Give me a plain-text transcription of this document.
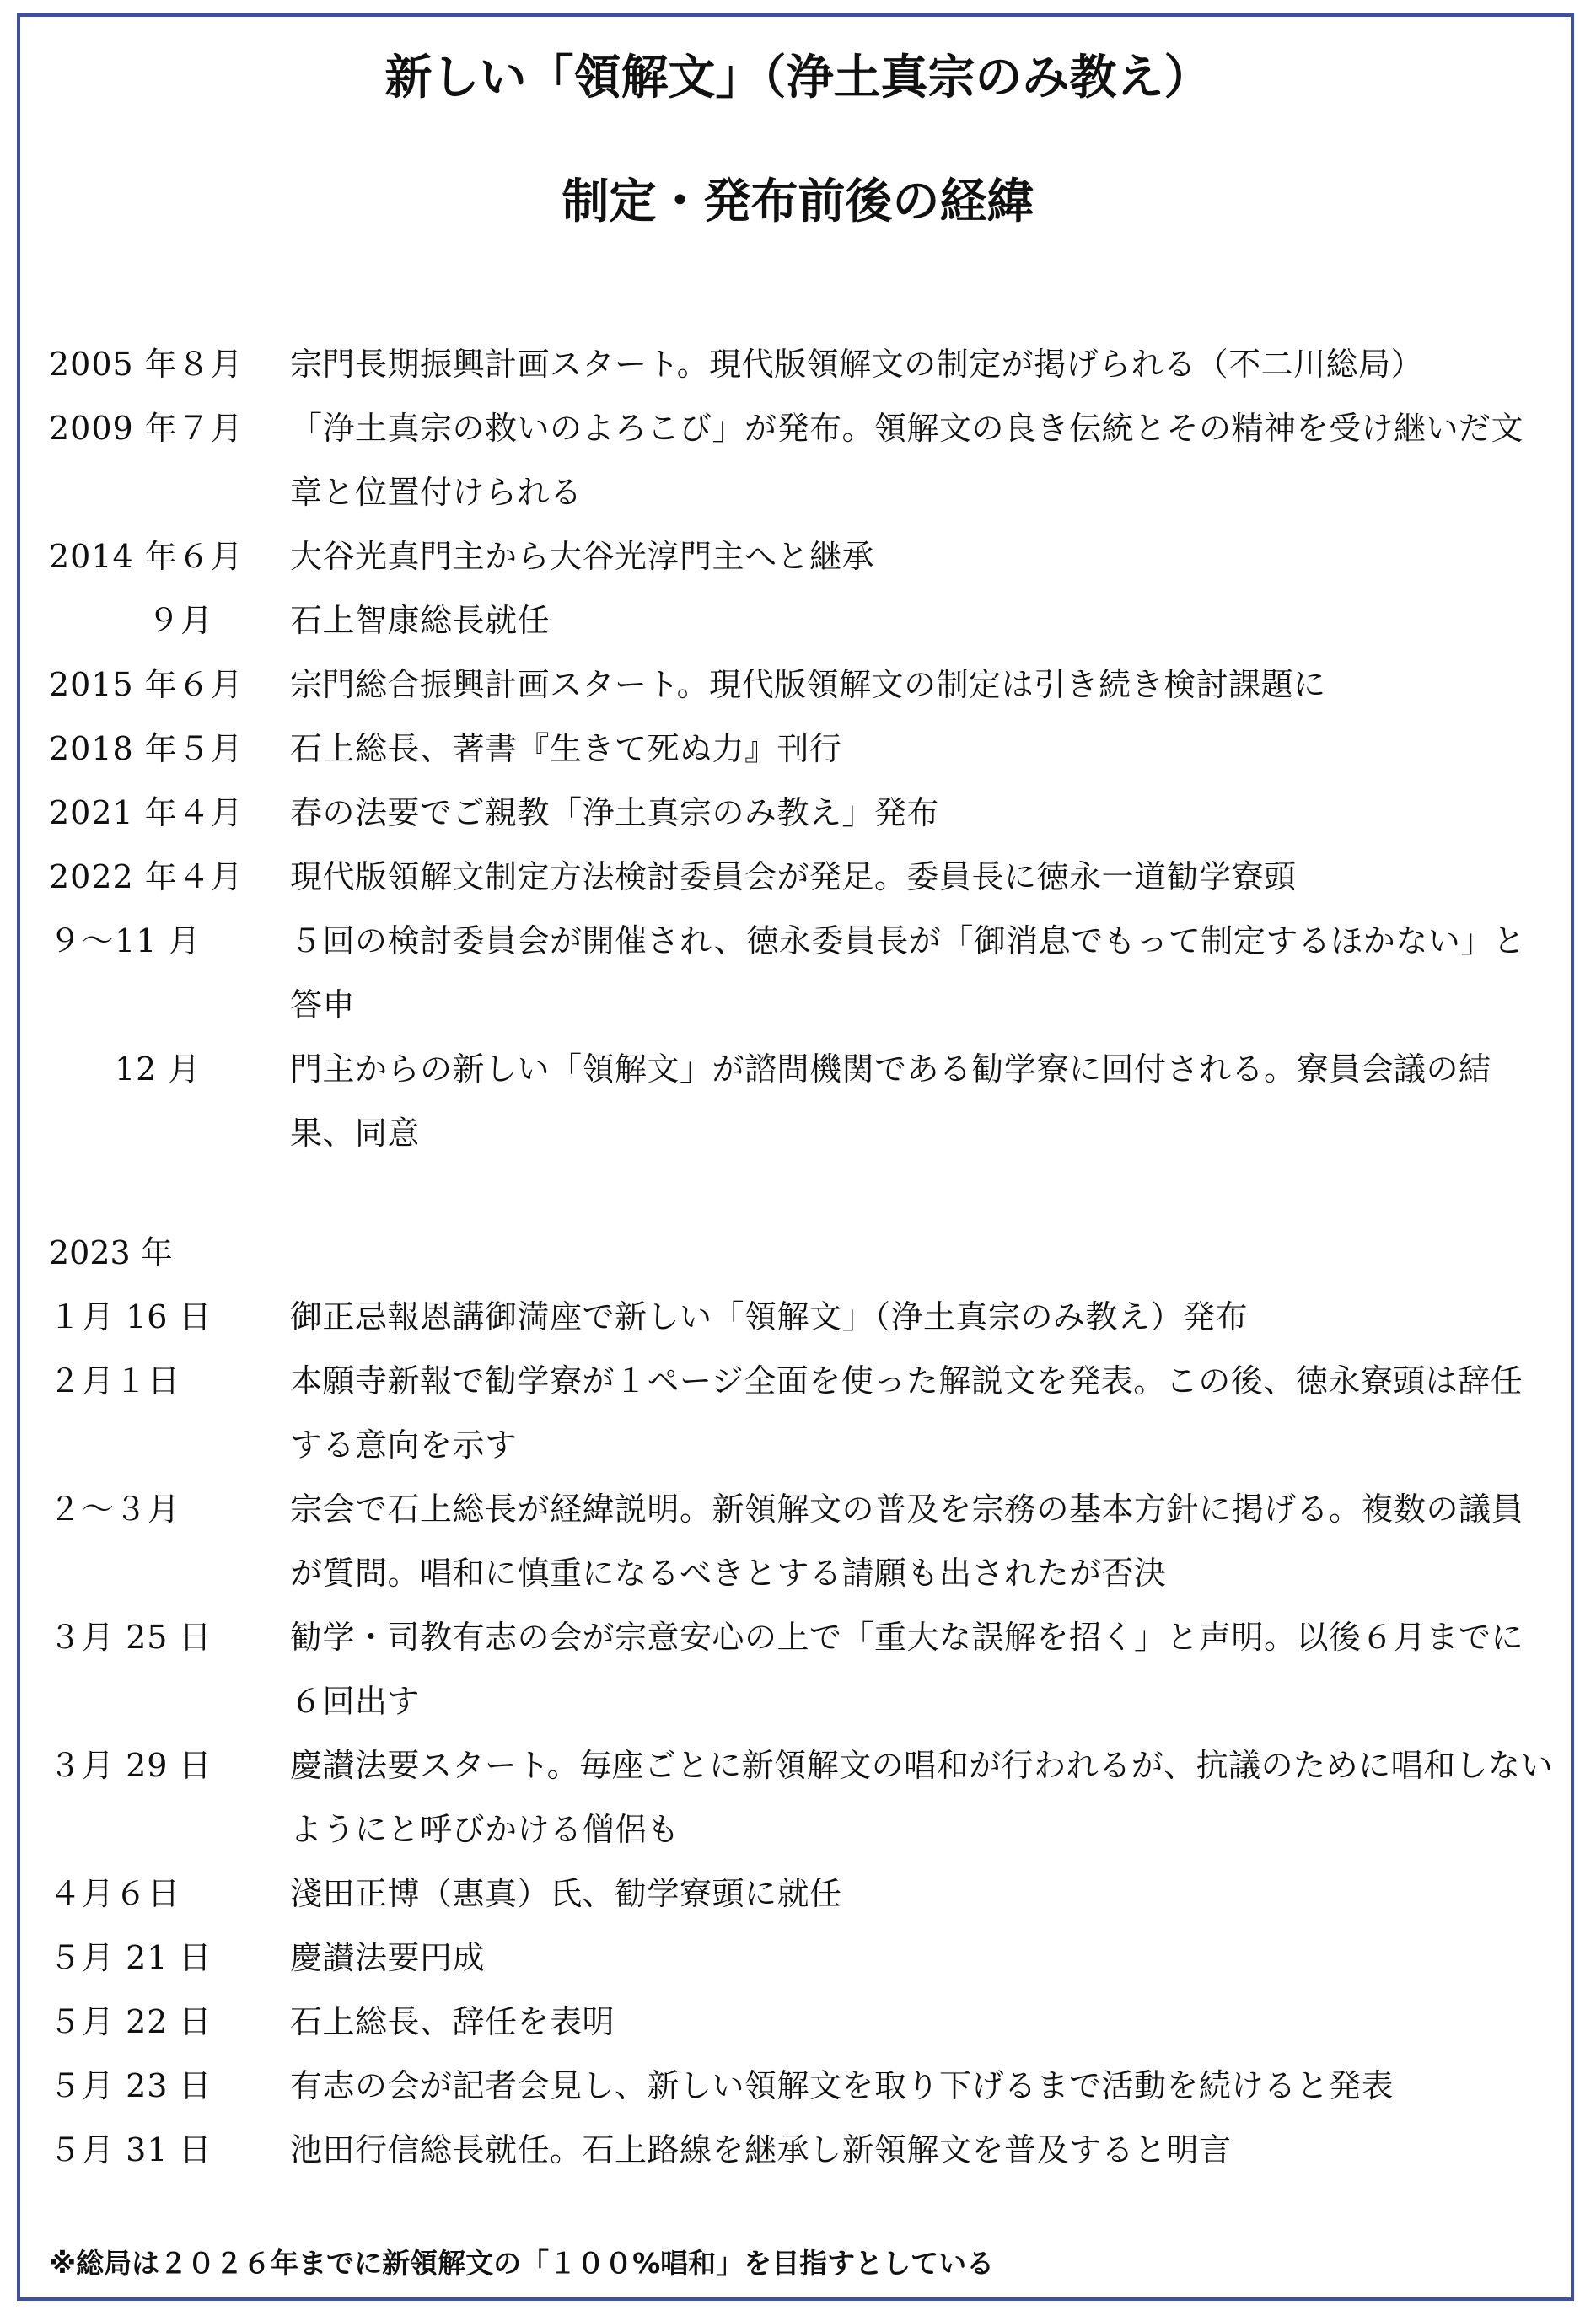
新しい「領解文」（浄土真宗のみ教え）
制定・発布前後の経緯
2005 年８月	宗門長期振興計画スタート。現代版領解文の制定が掲げられる（不二川総局）
2009 年７月	「浄土真宗の救いのよろこび」が発布。領解文の良き伝統とその精神を受け継いだ文章と位置付けられる
2014 年６月	大谷光真門主から大谷光淳門主へと継承
　　　９月	石上智康総長就任
2015 年６月	宗門総合振興計画スタート。現代版領解文の制定は引き続き検討課題に
2018 年５月	石上総長、著書『生きて死ぬ力』刊行
2021 年４月	春の法要でご親教「浄土真宗のみ教え」発布
2022 年４月	現代版領解文制定方法検討委員会が発足。委員長に徳永一道勧学寮頭
９～11 月	５回の検討委員会が開催され、徳永委員長が「御消息でもって制定するほかない」と答申
　　12 月	門主からの新しい「領解文」が諮問機関である勧学寮に回付される。寮員会議の結果、同意
2023 年
１月 16 日	御正忌報恩講御満座で新しい「領解文」（浄土真宗のみ教え）発布
２月１日	本願寺新報で勧学寮が１ページ全面を使った解説文を発表。この後、徳永寮頭は辞任する意向を示す
２～３月	宗会で石上総長が経緯説明。新領解文の普及を宗務の基本方針に掲げる。複数の議員が質問。唱和に慎重になるべきとする請願も出されたが否決
３月 25 日	勧学・司教有志の会が宗意安心の上で「重大な誤解を招く」と声明。以後６月までに６回出す
３月 29 日	慶讃法要スタート。毎座ごとに新領解文の唱和が行われるが、抗議のために唱和しないようにと呼びかける僧侶も
４月６日	淺田正博（惠真）氏、勧学寮頭に就任
５月 21 日	慶讃法要円成
５月 22 日	石上総長、辞任を表明
５月 23 日	有志の会が記者会見し、新しい領解文を取り下げるまで活動を続けると発表
５月 31 日	池田行信総長就任。石上路線を継承し新領解文を普及すると明言
※総局は２０２６年までに新領解文の「１００%唱和」を目指すとしている
